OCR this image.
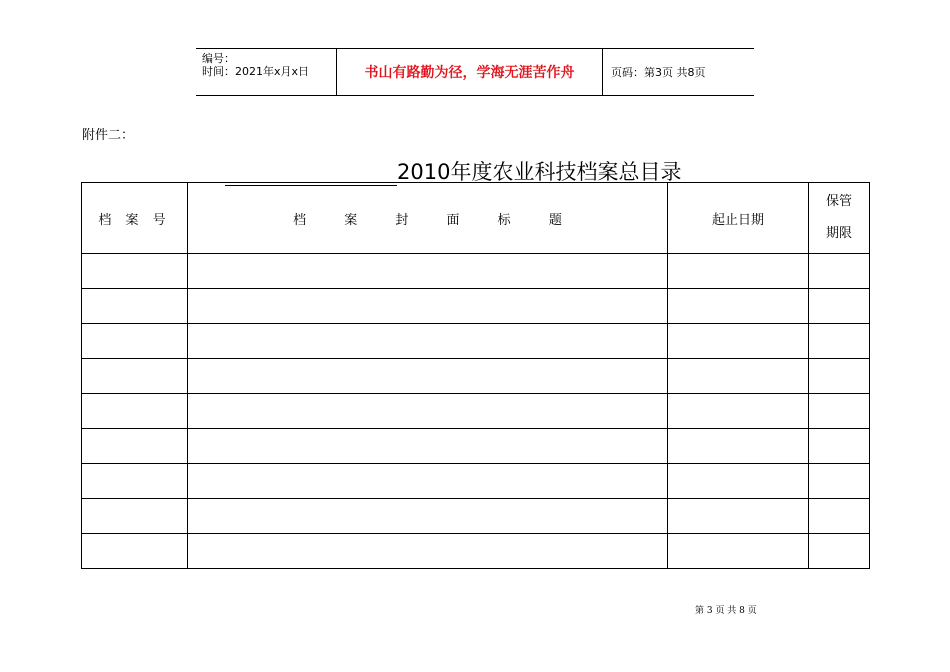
编号：
时间：2021年x月x日	书山有路勤为径，学海无涯苦作舟	页码：第3页 共8页
附件二：
2010年度农业科技档案总目录
档 案 号	档 案 封 面 标 题	起止日期	保管期限

第 3 页 共 8 页
